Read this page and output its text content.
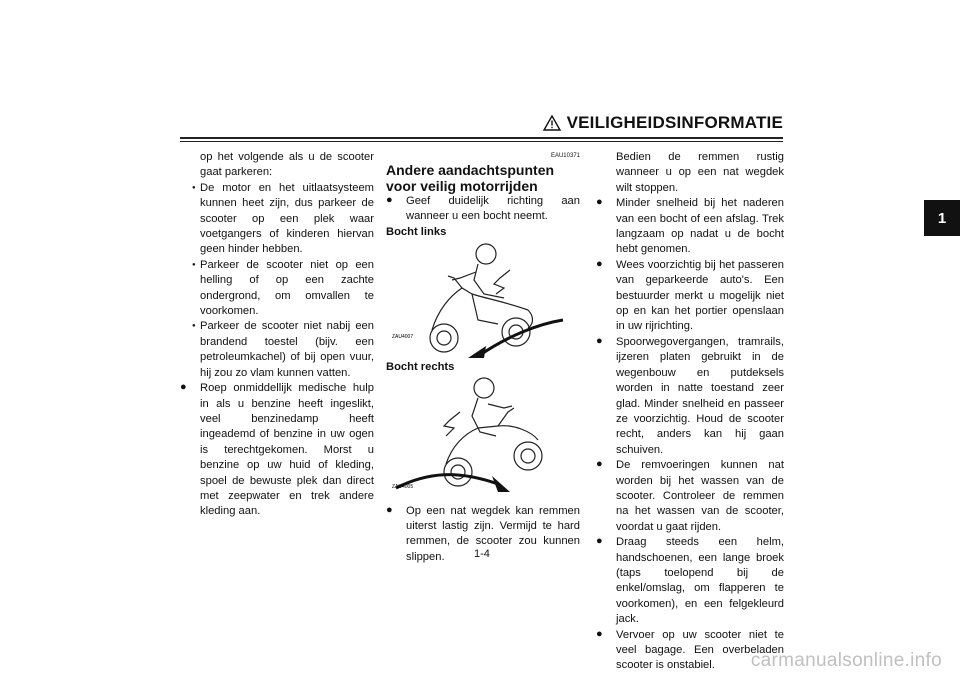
VEILIGHEIDSINFORMATIE
1

op het volgende als u de scooter gaat parkeren:

● De motor en het uitlaatsysteem kunnen heet zijn, dus parkeer de scooter op een plek waar voetgangers of kinderen hiervan geen hinder hebben.
● Parkeer de scooter niet op een helling of op een zachte ondergrond, om omvallen te voorkomen.
● Parkeer de scooter niet nabij een brandend toestel (bijv. een petroleumkachel) of bij open vuur, hij zou zo vlam kunnen vatten.
● Roep onmiddellijk medische hulp in als u benzine heeft ingeslikt, veel benzinedamp heeft ingeademd of benzine in uw ogen is terechtgekomen. Morst u benzine op uw huid of kleding, spoel de bewuste plek dan direct met zeepwater en trek andere kleding aan.
EAU10371
Andere aandachtspunten voor veilig motorrijden
● Geef duidelijk richting aan wanneer u een bocht neemt.
Bocht links
ZAU4007
Bocht rechts
ZAU4005
● Op een nat wegdek kan remmen uiterst lastig zijn. Vermijd te hard remmen, de scooter zou kunnen slippen.

Bedien de remmen rustig wanneer u op een nat wegdek wilt stoppen.

● Minder snelheid bij het naderen van een bocht of een afslag. Trek langzaam op nadat u de bocht hebt genomen.
● Wees voorzichtig bij het passeren van geparkeerde auto's. Een bestuurder merkt u mogelijk niet op en kan het portier openslaan in uw rijrichting.
● Spoorwegovergangen, tramrails, ijzeren platen gebruikt in de wegenbouw en putdeksels worden in natte toestand zeer glad. Minder snelheid en passeer ze voorzichtig. Houd de scooter recht, anders kan hij gaan schuiven.
● De remvoeringen kunnen nat worden bij het wassen van de scooter. Controleer de remmen na het wassen van de scooter, voordat u gaat rijden.
● Draag steeds een helm, handschoenen, een lange broek (taps toelopend bij de enkel/omslag, om flapperen te voorkomen), en een felgekleurd jack.
● Vervoer op uw scooter niet te veel bagage. Een overbeladen scooter is onstabiel.
1-4
carmanualsonline.info
